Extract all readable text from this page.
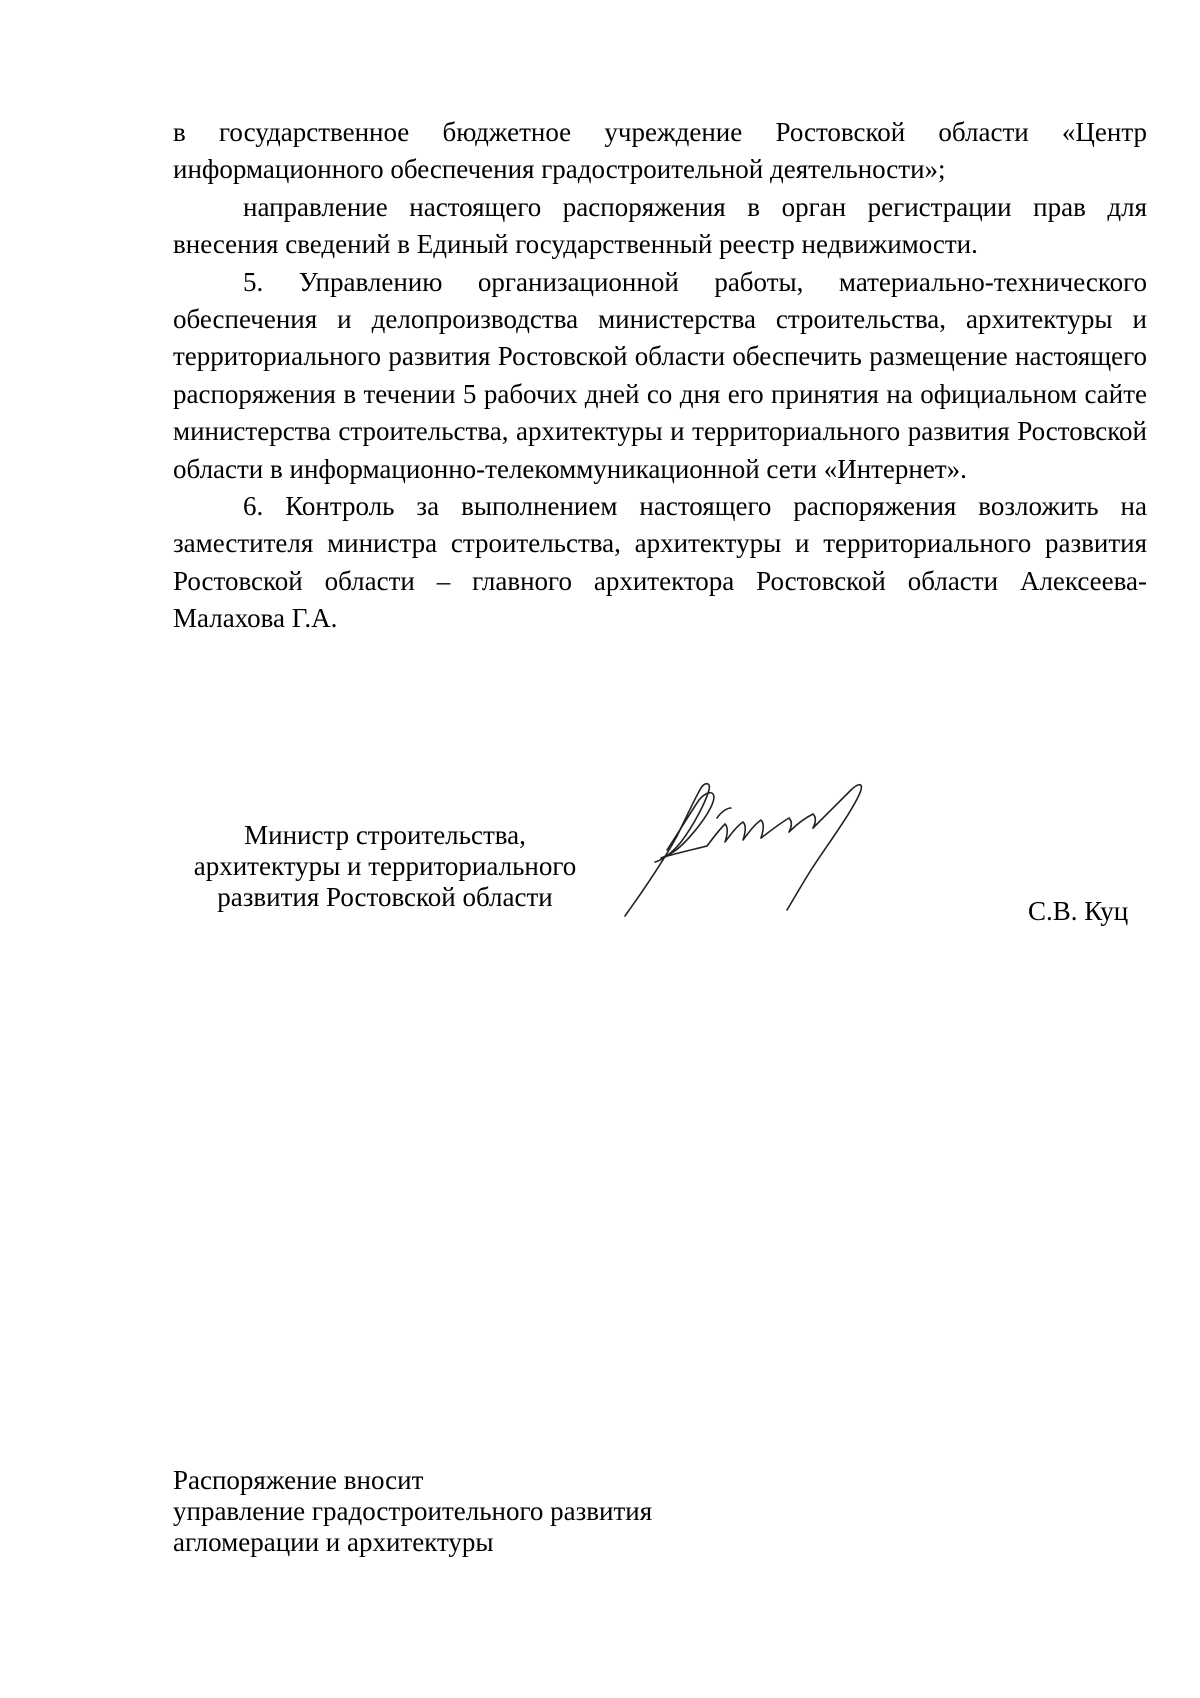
в государственное бюджетное учреждение Ростовской области «Центр информационного обеспечения градостроительной деятельности»;

направление настоящего распоряжения в орган регистрации прав для внесения сведений в Единый государственный реестр недвижимости.

5. Управлению организационной работы, материально-технического обеспечения и делопроизводства министерства строительства, архитектуры и территориального развития Ростовской области обеспечить размещение настоящего распоряжения в течении 5 рабочих дней со дня его принятия на официальном сайте министерства строительства, архитектуры и территориального развития Ростовской области в информационно-телекоммуникационной сети «Интернет».

6. Контроль за выполнением настоящего распоряжения возложить на заместителя министра строительства, архитектуры и территориального развития Ростовской области – главного архитектора Ростовской области Алексеева-Малахова Г.А.

Министр строительства,
архитектуры и территориального
развития Ростовской области	С.В. Куц
Распоряжение вносит
управление градостроительного развития
агломерации и архитектуры
